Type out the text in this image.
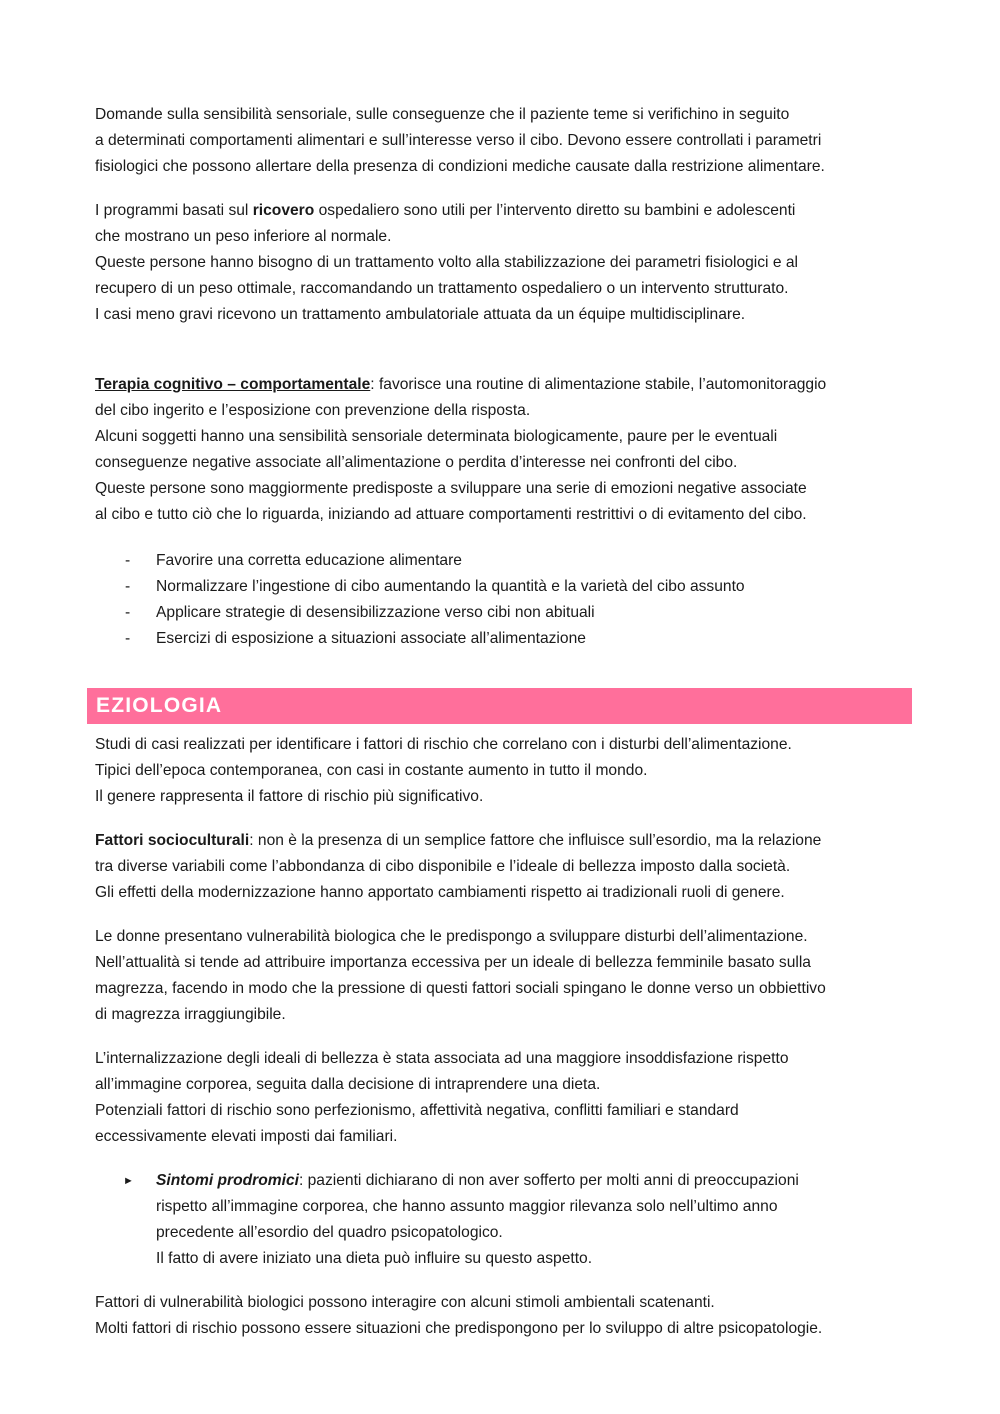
Domande sulla sensibilità sensoriale, sulle conseguenze che il paziente teme si verifichino in seguito
a determinati comportamenti alimentari e sull’interesse verso il cibo. Devono essere controllati i parametri
fisiologici che possono allertare della presenza di condizioni mediche causate dalla restrizione alimentare.

I programmi basati sul ricovero ospedaliero sono utili per l’intervento diretto su bambini e adolescenti
che mostrano un peso inferiore al normale.
Queste persone hanno bisogno di un trattamento volto alla stabilizzazione dei parametri fisiologici e al
recupero di un peso ottimale, raccomandando un trattamento ospedaliero o un intervento strutturato.
I casi meno gravi ricevono un trattamento ambulatoriale attuata da un équipe multidisciplinare.

Terapia cognitivo – comportamentale: favorisce una routine di alimentazione stabile, l’automonitoraggio
del cibo ingerito e l’esposizione con prevenzione della risposta.
Alcuni soggetti hanno una sensibilità sensoriale determinata biologicamente, paure per le eventuali
conseguenze negative associate all’alimentazione o perdita d’interesse nei confronti del cibo.
Queste persone sono maggiormente predisposte a sviluppare una serie di emozioni negative associate
al cibo e tutto ciò che lo riguarda, iniziando ad attuare comportamenti restrittivi o di evitamento del cibo.

- Favorire una corretta educazione alimentare
- Normalizzare l’ingestione di cibo aumentando la quantità e la varietà del cibo assunto
- Applicare strategie di desensibilizzazione verso cibi non abituali
- Esercizi di esposizione a situazioni associate all’alimentazione
EZIOLOGIA

Studi di casi realizzati per identificare i fattori di rischio che correlano con i disturbi dell’alimentazione.
Tipici dell’epoca contemporanea, con casi in costante aumento in tutto il mondo.
Il genere rappresenta il fattore di rischio più significativo.

Fattori socioculturali: non è la presenza di un semplice fattore che influisce sull’esordio, ma la relazione
tra diverse variabili come l’abbondanza di cibo disponibile e l’ideale di bellezza imposto dalla società.
Gli effetti della modernizzazione hanno apportato cambiamenti rispetto ai tradizionali ruoli di genere.

Le donne presentano vulnerabilità biologica che le predispongo a sviluppare disturbi dell’alimentazione.
Nell’attualità si tende ad attribuire importanza eccessiva per un ideale di bellezza femminile basato sulla
magrezza, facendo in modo che la pressione di questi fattori sociali spingano le donne verso un obbiettivo
di magrezza irraggiungibile.

L’internalizzazione degli ideali di bellezza è stata associata ad una maggiore insoddisfazione rispetto
all’immagine corporea, seguita dalla decisione di intraprendere una dieta.
Potenziali fattori di rischio sono perfezionismo, affettività negativa, conflitti familiari e standard
eccessivamente elevati imposti dai familiari.

► Sintomi prodromici: pazienti dichiarano di non aver sofferto per molti anni di preoccupazioni
rispetto all’immagine corporea, che hanno assunto maggior rilevanza solo nell’ultimo anno
precedente all’esordio del quadro psicopatologico.
Il fatto di avere iniziato una dieta può influire su questo aspetto.

Fattori di vulnerabilità biologici possono interagire con alcuni stimoli ambientali scatenanti.
Molti fattori di rischio possono essere situazioni che predispongono per lo sviluppo di altre psicopatologie.
